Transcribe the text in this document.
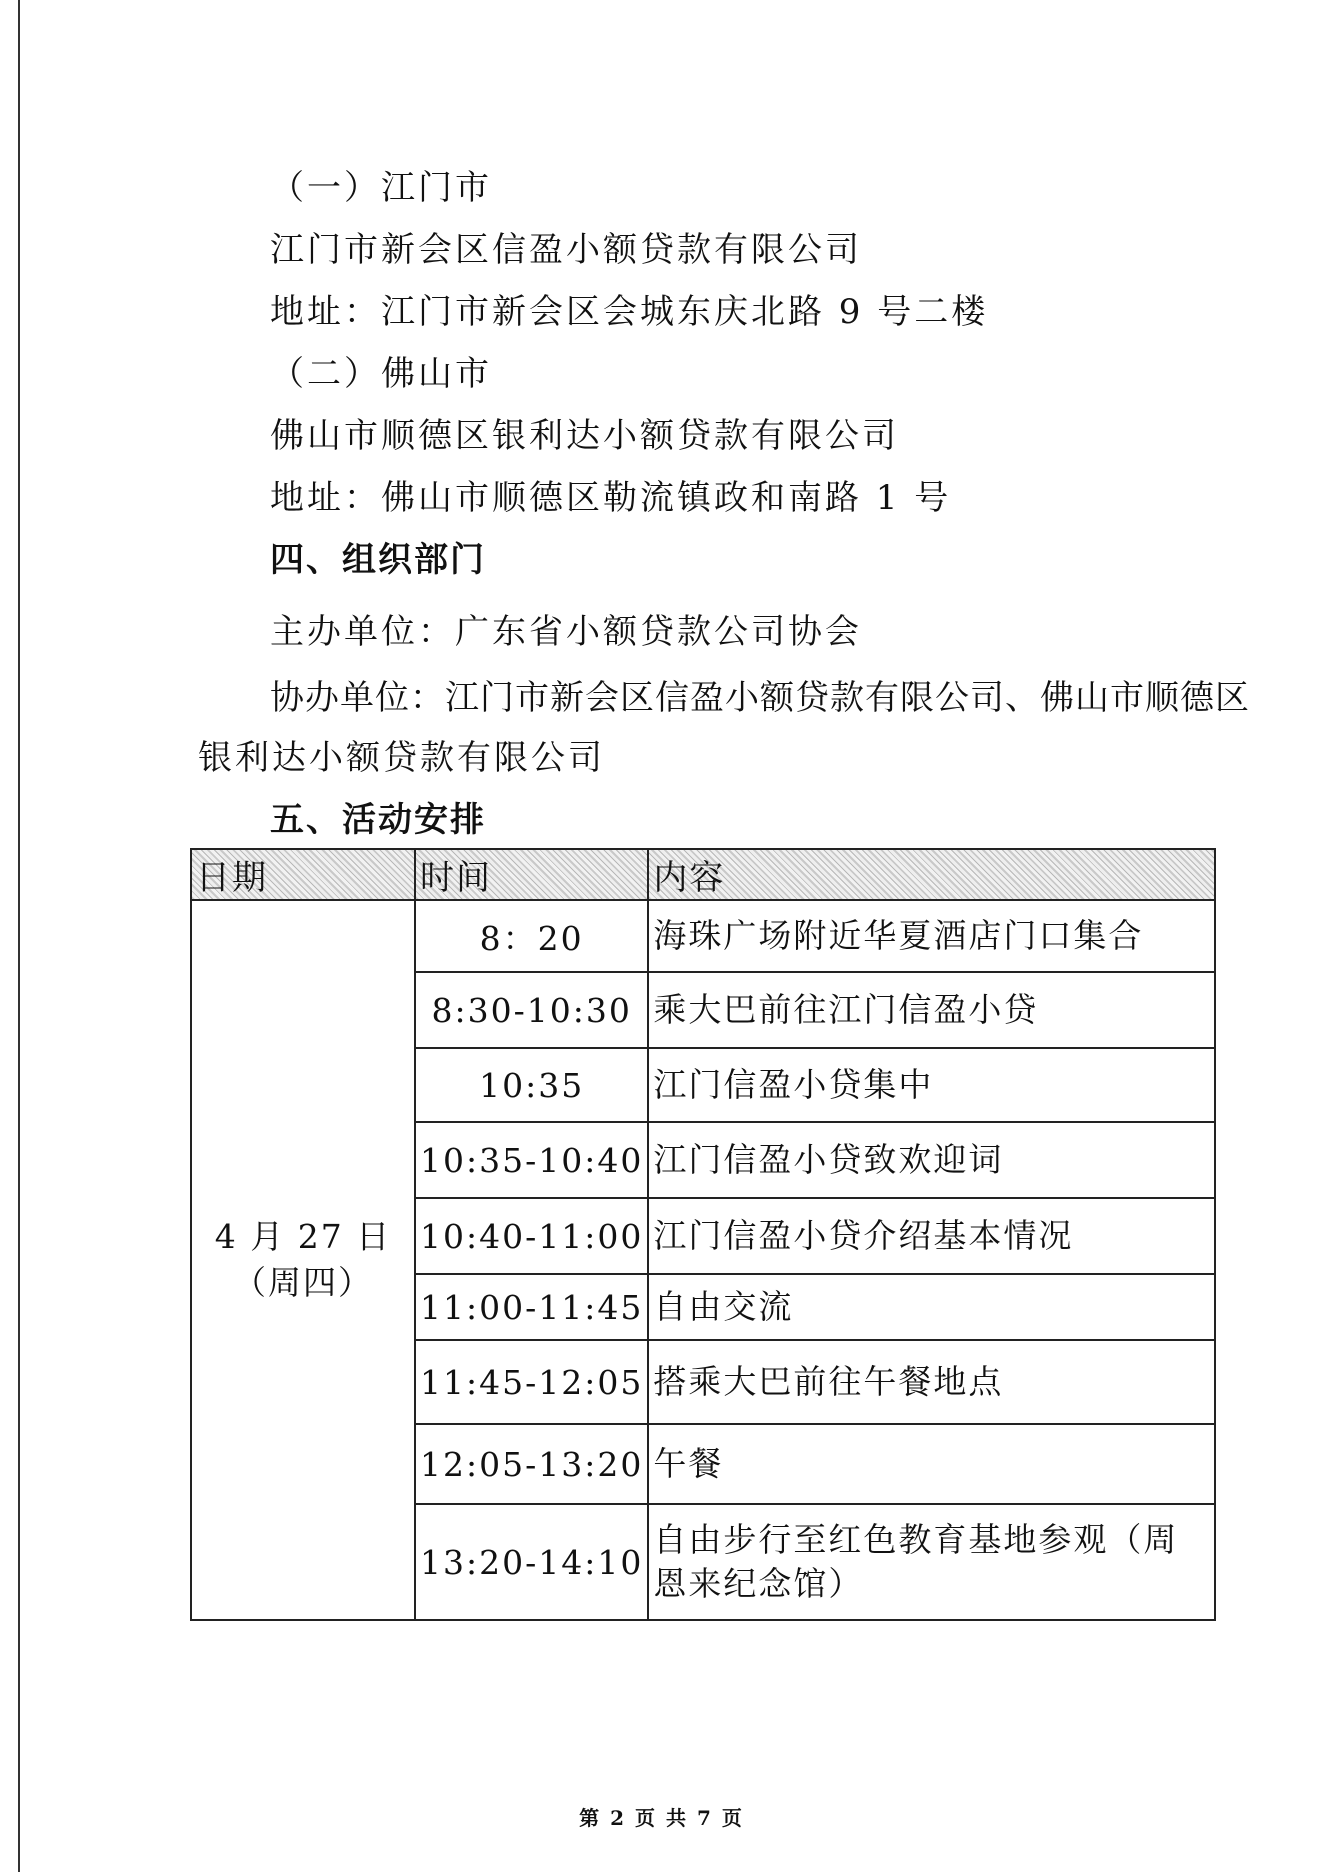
（一）江门市
江门市新会区信盈小额贷款有限公司
地址：江门市新会区会城东庆北路 9 号二楼
（二）佛山市
佛山市顺德区银利达小额贷款有限公司
地址：佛山市顺德区勒流镇政和南路 1 号
四、组织部门
主办单位：广东省小额贷款公司协会
协办单位：江门市新会区信盈小额贷款有限公司、佛山市顺德区
银利达小额贷款有限公司
五、活动安排
日期	时间	内容

4 月 27 日
（周四）	8：20	海珠广场附近华夏酒店门口集合
	8:30-10:30	乘大巴前往江门信盈小贷
	10:35	江门信盈小贷集中
	10:35-10:40	江门信盈小贷致欢迎词
	10:40-11:00	江门信盈小贷介绍基本情况
	11:00-11:45	自由交流
	11:45-12:05	搭乘大巴前往午餐地点
	12:05-13:20	午餐
	13:20-14:10	自由步行至红色教育基地参观（周恩来纪念馆）
第 2 页 共 7 页
